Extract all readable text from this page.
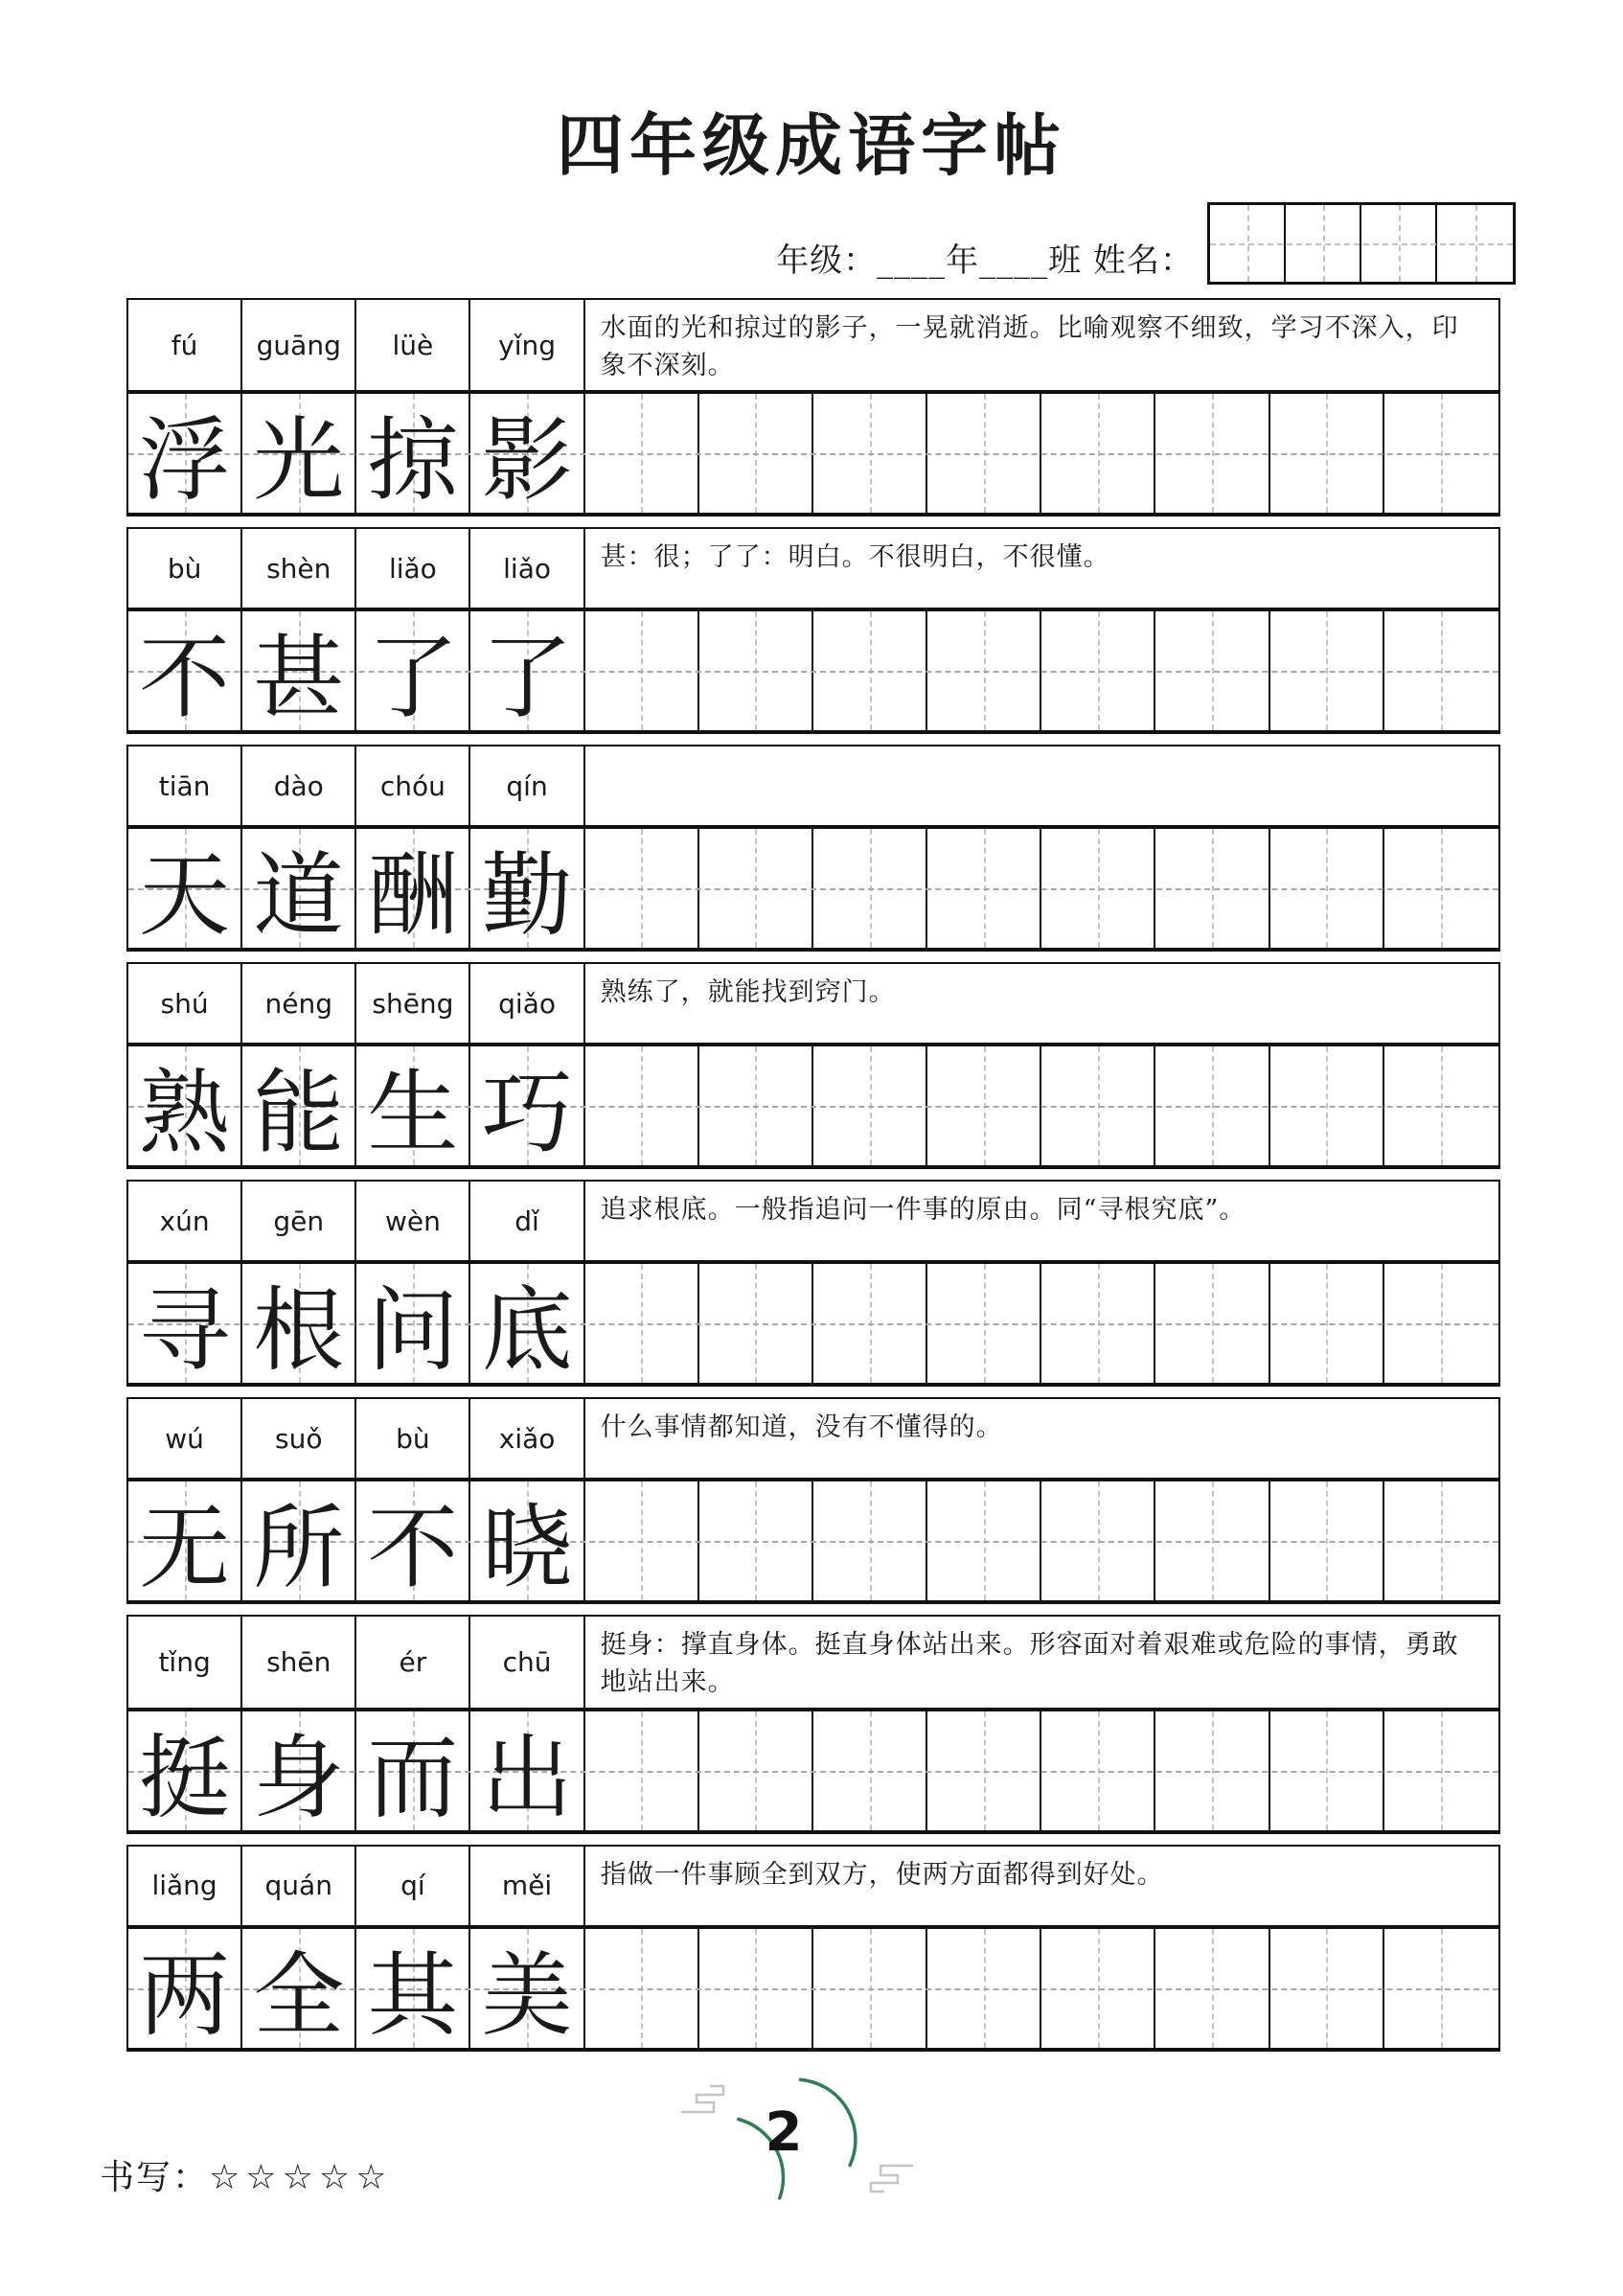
四年级成语字帖
年级：____年____班 姓名：
fú	guāng	lüè	yǐng
水面的光和掠过的影子，一晃就消逝。比喻观察不细致，学习不深入，印象不深刻。
浮 光 掠 影
bù	shèn	liǎo	liǎo	甚：很；了了：明白。不很明白，不很懂。
不 甚 了 了
tiān	dào	chóu	qín
天 道 酬 勤
shú	néng	shēng	qiǎo	熟练了，就能找到窍门。
熟 能 生 巧
xún	gēn	wèn	dǐ	追求根底。一般指追问一件事的原由。同“寻根究底”。
寻 根 问 底
wú	suǒ	bù	xiǎo	什么事情都知道，没有不懂得的。
无 所 不 晓
tǐng	shēn	ér	chū
挺身：撑直身体。挺直身体站出来。形容面对着艰难或危险的事情，勇敢地站出来。
挺 身 而 出
liǎng	quán	qí	měi	指做一件事顾全到双方，使两方面都得到好处。
两 全 其 美
书写：☆☆☆☆☆
2
